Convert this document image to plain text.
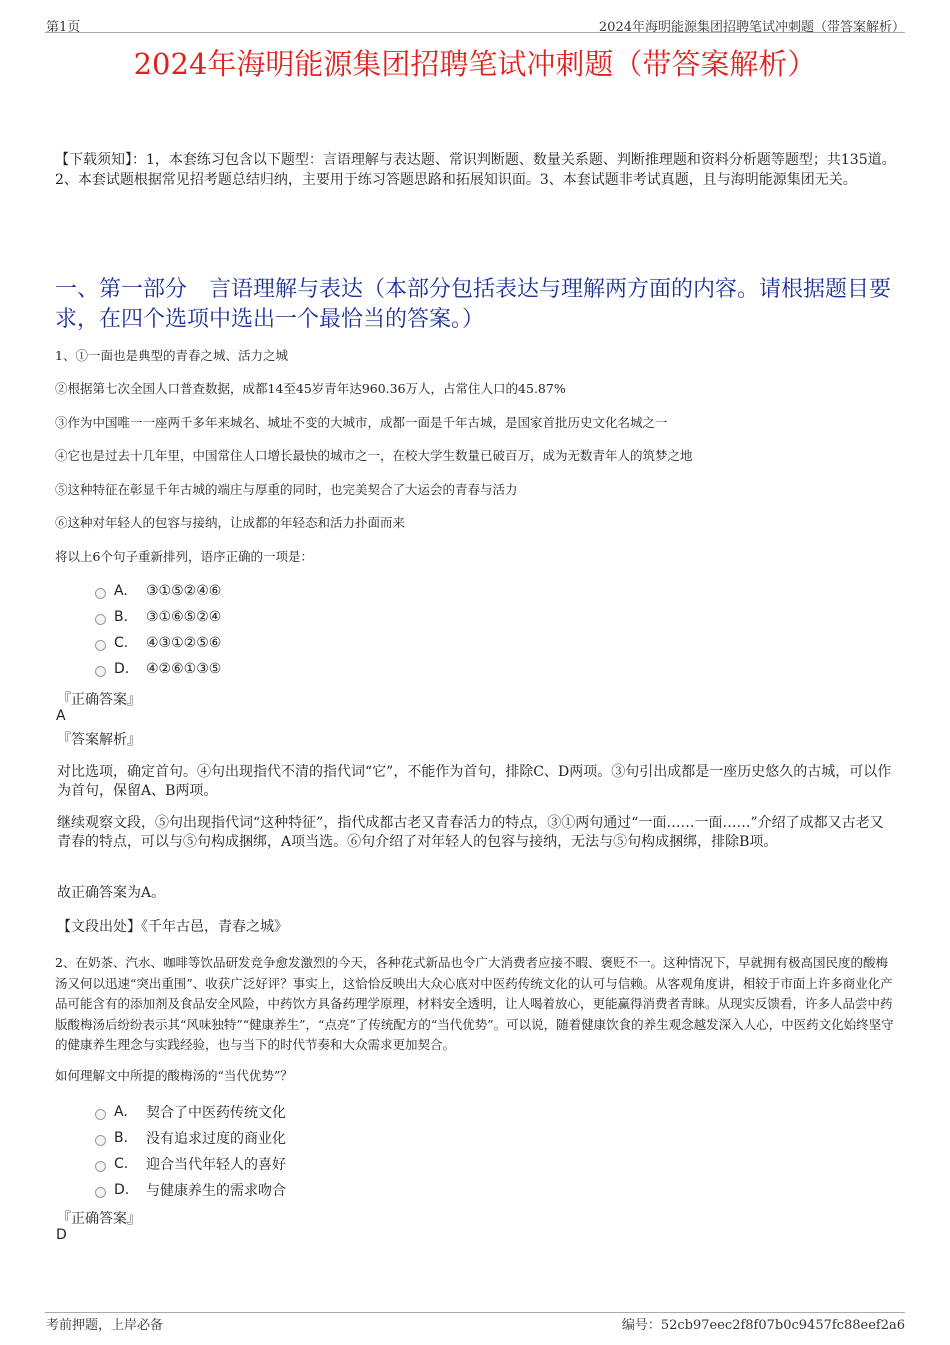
第1页	2024年海明能源集团招聘笔试冲刺题（带答案解析）
2024年海明能源集团招聘笔试冲刺题（带答案解析）
【下载须知】：1，本套练习包含以下题型：言语理解与表达题、常识判断题、数量关系题、判断推理题和资料分析题等题型；共135道。2、本套试题根据常见招考题总结归纳，主要用于练习答题思路和拓展知识面。3、本套试题非考试真题，且与海明能源集团无关。
一、第一部分　言语理解与表达（本部分包括表达与理解两方面的内容。请根据题目要求，在四个选项中选出一个最恰当的答案。）
1、①一面也是典型的青春之城、活力之城
②根据第七次全国人口普查数据，成都14至45岁青年达960.36万人，占常住人口的45.87%
③作为中国唯一一座两千多年来城名、城址不变的大城市，成都一面是千年古城，是国家首批历史文化名城之一
④它也是过去十几年里，中国常住人口增长最快的城市之一，在校大学生数量已破百万，成为无数青年人的筑梦之地
⑤这种特征在彰显千年古城的端庄与厚重的同时，也完美契合了大运会的青春与活力
⑥这种对年轻人的包容与接纳，让成都的年轻态和活力扑面而来
将以上6个句子重新排列，语序正确的一项是：
A.	③①⑤②④⑥
B.	③①⑥⑤②④
C.	④③①②⑤⑥
D.	④②⑥①③⑤
『正确答案』
A
『答案解析』
对比选项，确定首句。④句出现指代不清的指代词“它”，不能作为首句，排除C、D两项。③句引出成都是一座历史悠久的古城，可以作为首句，保留A、B两项。
继续观察文段，⑤句出现指代词“这种特征”，指代成都古老又青春活力的特点，③①两句通过“一面……一面……”介绍了成都又古老又青春的特点，可以与⑤句构成捆绑，A项当选。⑥句介绍了对年轻人的包容与接纳，无法与⑤句构成捆绑，排除B项。
故正确答案为A。
【文段出处】《千年古邑，青春之城》
2、在奶茶、汽水、咖啡等饮品研发竞争愈发激烈的今天，各种花式新品也令广大消费者应接不暇、褒贬不一。这种情况下，早就拥有极高国民度的酸梅汤又何以迅速“突出重围”、收获广泛好评？事实上，这恰恰反映出大众心底对中医药传统文化的认可与信赖。从客观角度讲，相较于市面上许多商业化产品可能含有的添加剂及食品安全风险，中药饮方具备药理学原理，材料安全透明，让人喝着放心，更能赢得消费者青睐。从现实反馈看，许多人品尝中药版酸梅汤后纷纷表示其“风味独特”“健康养生”，“点亮”了传统配方的“当代优势”。可以说，随着健康饮食的养生观念越发深入人心，中医药文化始终坚守的健康养生理念与实践经验，也与当下的时代节奏和大众需求更加契合。
如何理解文中所提的酸梅汤的“当代优势”？
A.	契合了中医药传统文化
B.	没有追求过度的商业化
C.	迎合当代年轻人的喜好
D.	与健康养生的需求吻合
『正确答案』
D
考前押题，上岸必备	编号：52cb97eec2f8f07b0c9457fc88eef2a6
